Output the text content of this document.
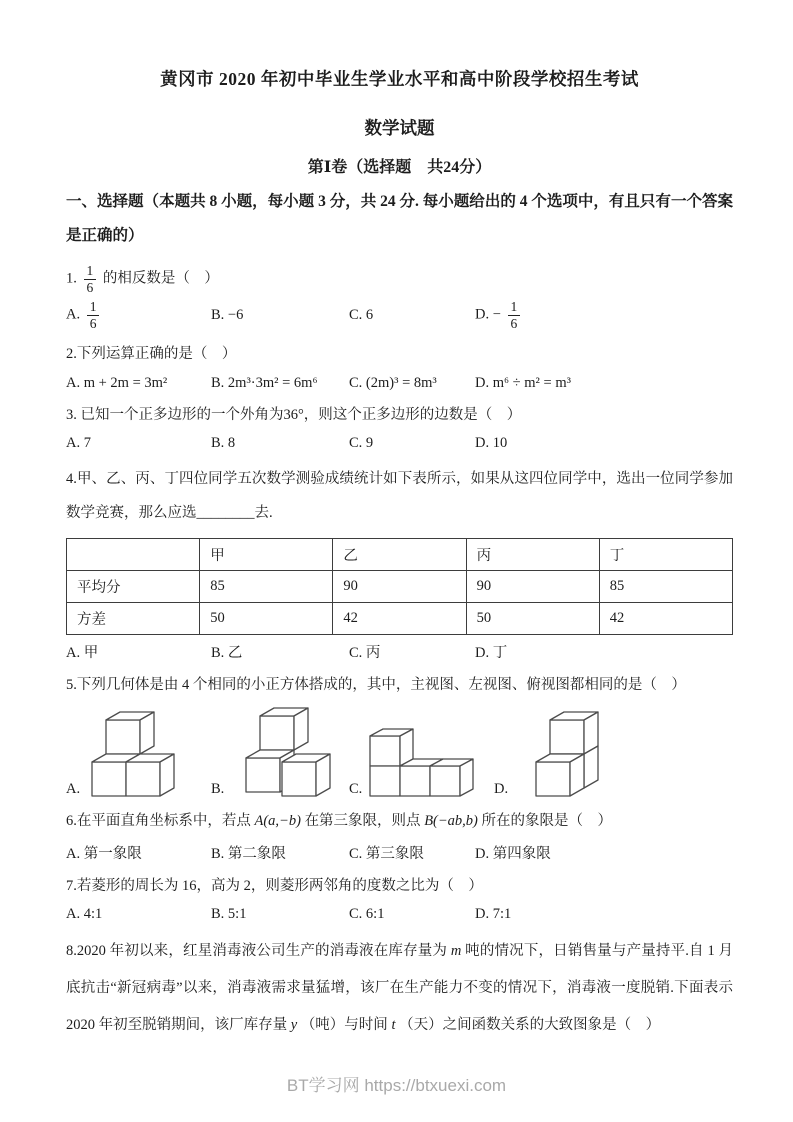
黄冈市 2020 年初中毕业生学业水平和高中阶段学校招生考试
数学试题
第Ⅰ卷（选择题　共24分）

一、选择题（本题共 8 小题，每小题 3 分，共 24 分. 每小题给出的 4 个选项中，有且只有一个答案是正确的）

1. $\frac{1}{6}$ 的相反数是（　）

A. $\frac{1}{6}$	B. −6	C. 6	D. − $\frac{1}{6}$

2.下列运算正确的是（　）

A. m + 2m = 3m²	B. 2m³·3m² = 6m⁶	C. (2m)³ = 8m³	D. m⁶ ÷ m² = m³

3. 已知一个正多边形的一个外角为36°，则这个正多边形的边数是（　）

A. 7	B. 8	C. 9	D. 10

4.甲、乙、丙、丁四位同学五次数学测验成绩统计如下表所示，如果从这四位同学中，选出一位同学参加数学竞赛，那么应选________去.

	甲	乙	丙	丁
平均分	85	90	90	85
方差	50	42	50	42
A. 甲	B. 乙	C. 丙	D. 丁

5.下列几何体是由 4 个相同的小正方体搭成的，其中，主视图、左视图、俯视图都相同的是（　）

A.	B.	C.	D.

6.在平面直角坐标系中，若点 A(a,−b) 在第三象限，则点 B(−ab,b) 所在的象限是（　）

A. 第一象限	B. 第二象限	C. 第三象限	D. 第四象限

7.若菱形的周长为 16，高为 2，则菱形两邻角的度数之比为（　）

A. 4:1	B. 5:1	C. 6:1	D. 7:1

8.2020 年初以来，红星消毒液公司生产的消毒液在库存量为 m 吨的情况下，日销售量与产量持平.自 1 月底抗击“新冠病毒”以来，消毒液需求量猛增，该厂在生产能力不变的情况下，消毒液一度脱销.下面表示2020 年初至脱销期间，该厂库存量 y （吨）与时间 t （天）之间函数关系的大致图象是（　）

BT学习网 https://btxuexi.com
